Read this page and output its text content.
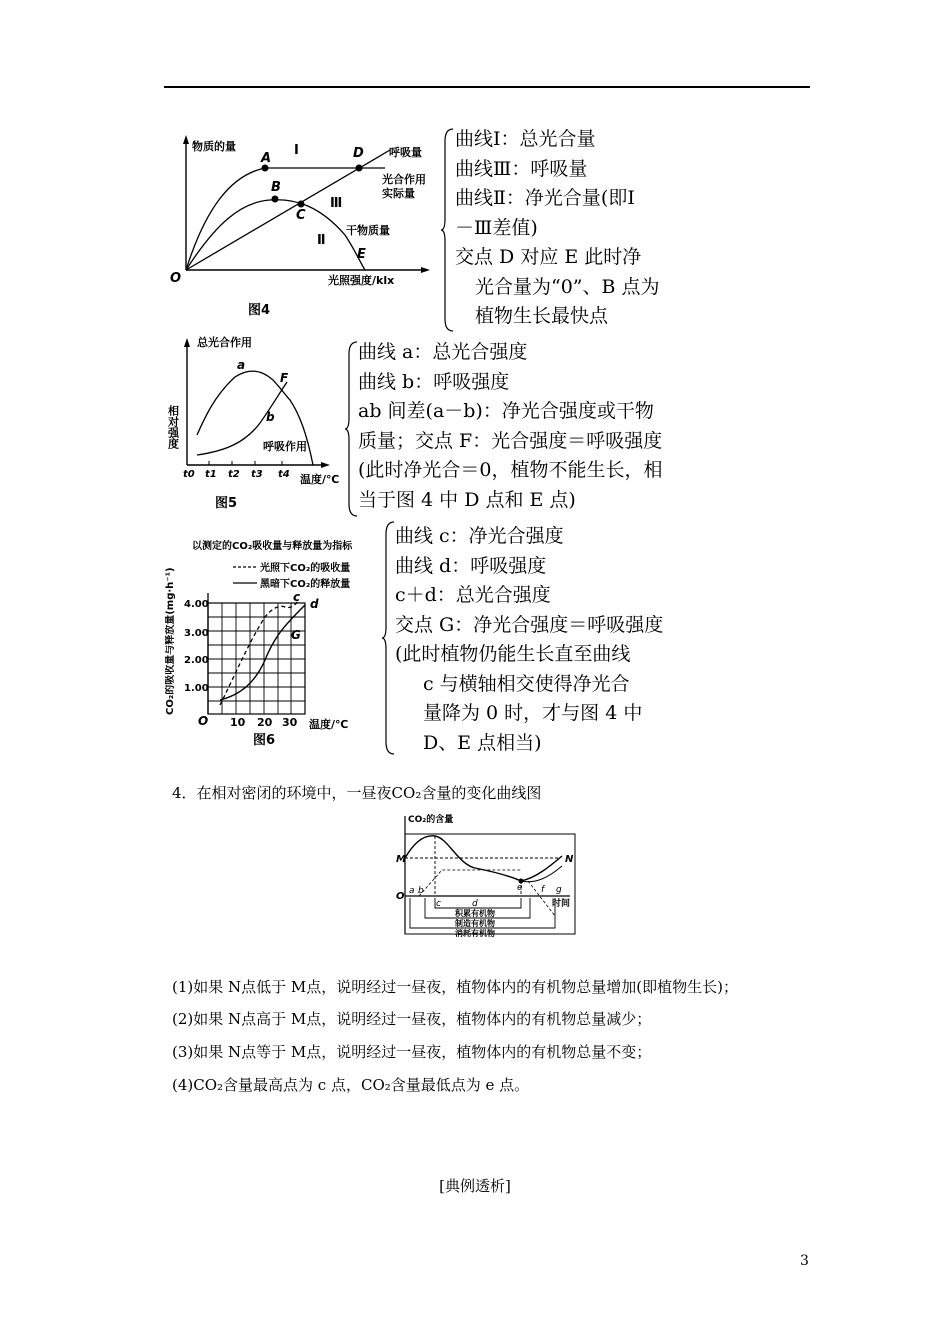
物质的量
O	光照强度/klx
A
B
C
D
E
Ⅰ
Ⅱ
Ⅲ
呼吸量
光合作用
实际量
干物质量
图4
曲线Ⅰ：总光合量
曲线Ⅲ：呼吸量
曲线Ⅱ：净光合量(即Ⅰ
－Ⅲ差值)
交点 D 对应 E 此时净
光合量为“0”、B 点为
植物生长最快点
相对强度
总光合作用
a
F
b
呼吸作用
t0 t1 t2 t3 t4 温度/℃
图5
曲线 a：总光合强度
曲线 b：呼吸强度
ab 间差(a－b)：净光合强度或干物
质量；交点 F：光合强度＝呼吸强度
(此时净光合＝0，植物不能生长，相
当于图 4 中 D 点和 E 点)
以测定的CO₂吸收量与释放量为指标
光照下CO₂的吸收量
黑暗下CO₂的释放量
CO₂的吸收量与释放量(mg·h⁻¹) 4.00
3.00
2.00
1.00
O 10 20 30 温度/℃
c d
G
图6
曲线 c：净光合强度
曲线 d：呼吸强度
c＋d：总光合强度
交点 G：净光合强度＝呼吸强度
(此时植物仍能生长直至曲线
c 与横轴相交使得净光合
量降为 0 时，才与图 4 中
D、E 点相当)
4．在相对密闭的环境中，一昼夜CO₂含量的变化曲线图
CO₂的含量
M	N
O a b
c	d
e f g
时间
积累有机物
制造有机物
消耗有机物
(1)如果 N点低于 M点，说明经过一昼夜，植物体内的有机物总量增加(即植物生长)；
(2)如果 N点高于 M点，说明经过一昼夜，植物体内的有机物总量减少；
(3)如果 N点等于 M点，说明经过一昼夜，植物体内的有机物总量不变；
(4)CO₂含量最高点为 c 点，CO₂含量最低点为 e 点。
[典例透析]
3
